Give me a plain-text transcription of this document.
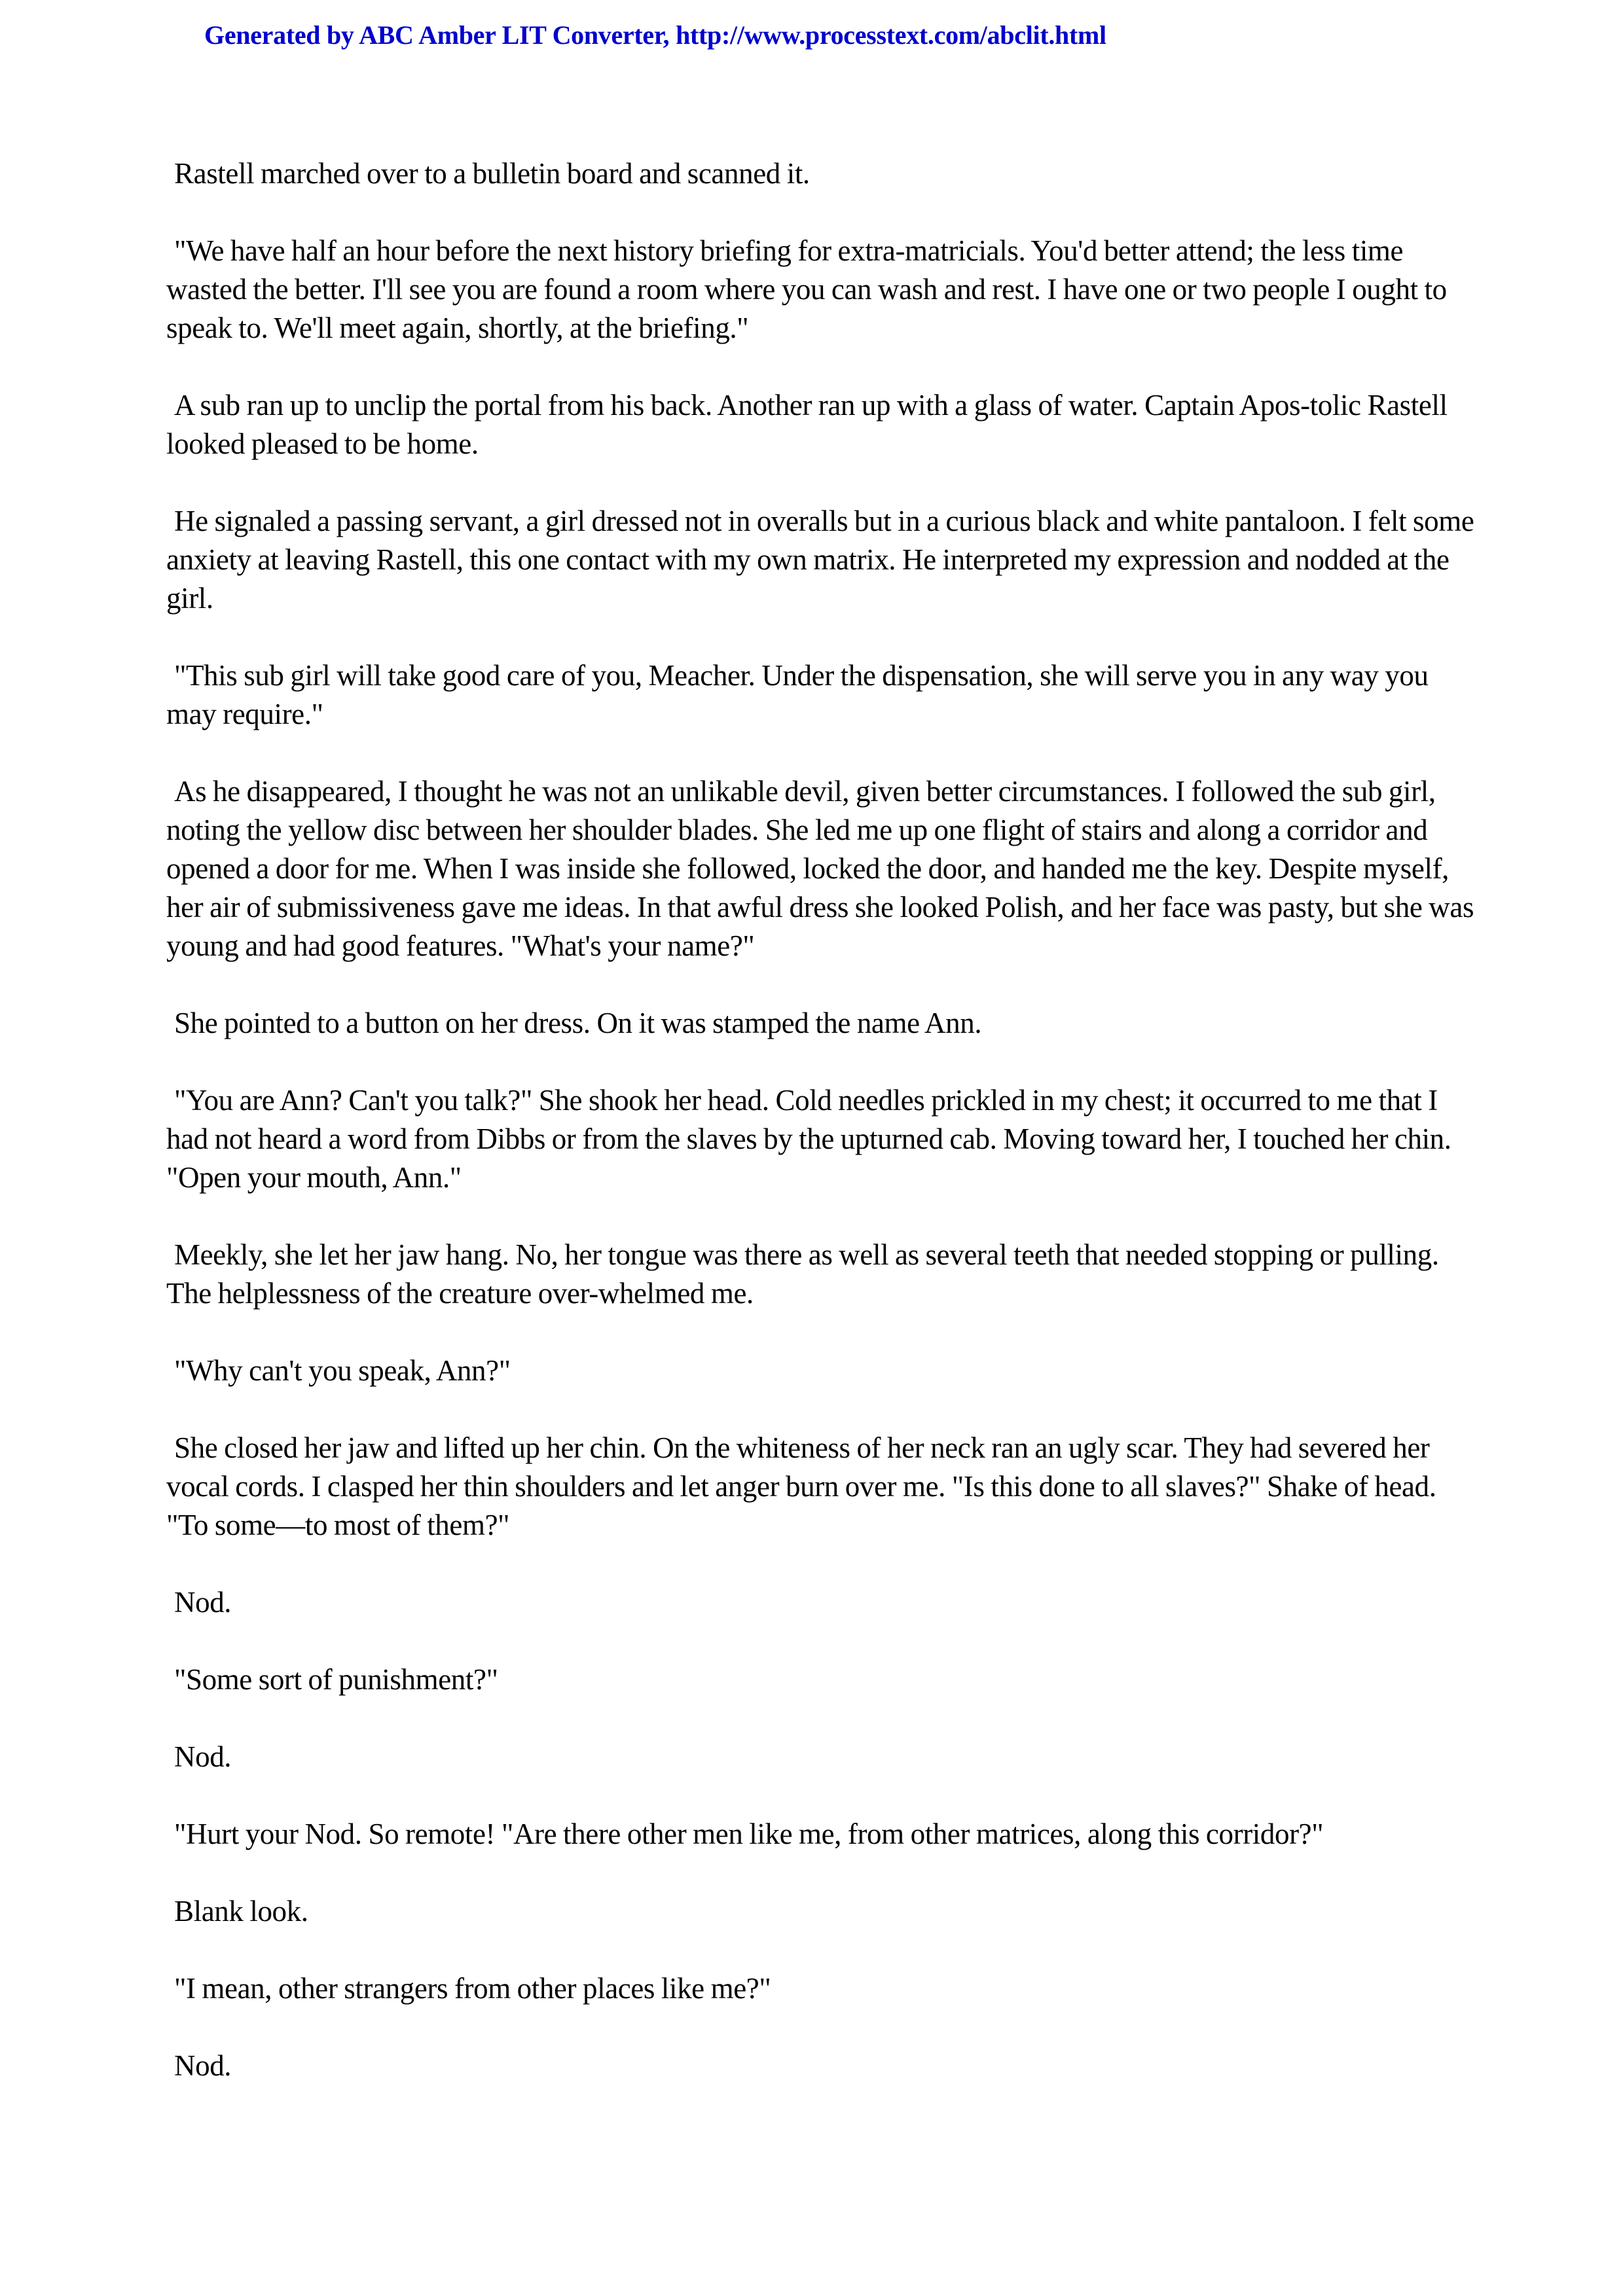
Generated by ABC Amber LIT Converter, http://www.processtext.com/abclit.html

Rastell marched over to a bulletin board and scanned it.

"We have half an hour before the next history briefing for extra-matricials. You'd better attend; the less time wasted the better. I'll see you are found a room where you can wash and rest. I have one or two people I ought to speak to. We'll meet again, shortly, at the briefing."

A sub ran up to unclip the portal from his back. Another ran up with a glass of water. Captain Apos-tolic Rastell looked pleased to be home.

He signaled a passing servant, a girl dressed not in overalls but in a curious black and white pantaloon. I felt some anxiety at leaving Rastell, this one contact with my own matrix. He interpreted my expression and nodded at the girl.

"This sub girl will take good care of you, Meacher. Under the dispensation, she will serve you in any way you may require."

As he disappeared, I thought he was not an unlikable devil, given better circumstances. I followed the sub girl, noting the yellow disc between her shoulder blades. She led me up one flight of stairs and along a corridor and opened a door for me. When I was inside she followed, locked the door, and handed me the key. Despite myself, her air of submissiveness gave me ideas. In that awful dress she looked Polish, and her face was pasty, but she was young and had good features. "What's your name?"

She pointed to a button on her dress. On it was stamped the name Ann.

"You are Ann? Can't you talk?" She shook her head. Cold needles prickled in my chest; it occurred to me that I had not heard a word from Dibbs or from the slaves by the upturned cab. Moving toward her, I touched her chin. "Open your mouth, Ann."

Meekly, she let her jaw hang. No, her tongue was there as well as several teeth that needed stopping or pulling. The helplessness of the creature over-whelmed me.

"Why can't you speak, Ann?"

She closed her jaw and lifted up her chin. On the whiteness of her neck ran an ugly scar. They had severed her vocal cords. I clasped her thin shoulders and let anger burn over me. "Is this done to all slaves?" Shake of head. "To some—to most of them?"

Nod.

"Some sort of punishment?"

Nod.

"Hurt your Nod. So remote! "Are there other men like me, from other matrices, along this corridor?"

Blank look.

"I mean, other strangers from other places like me?"

Nod.
